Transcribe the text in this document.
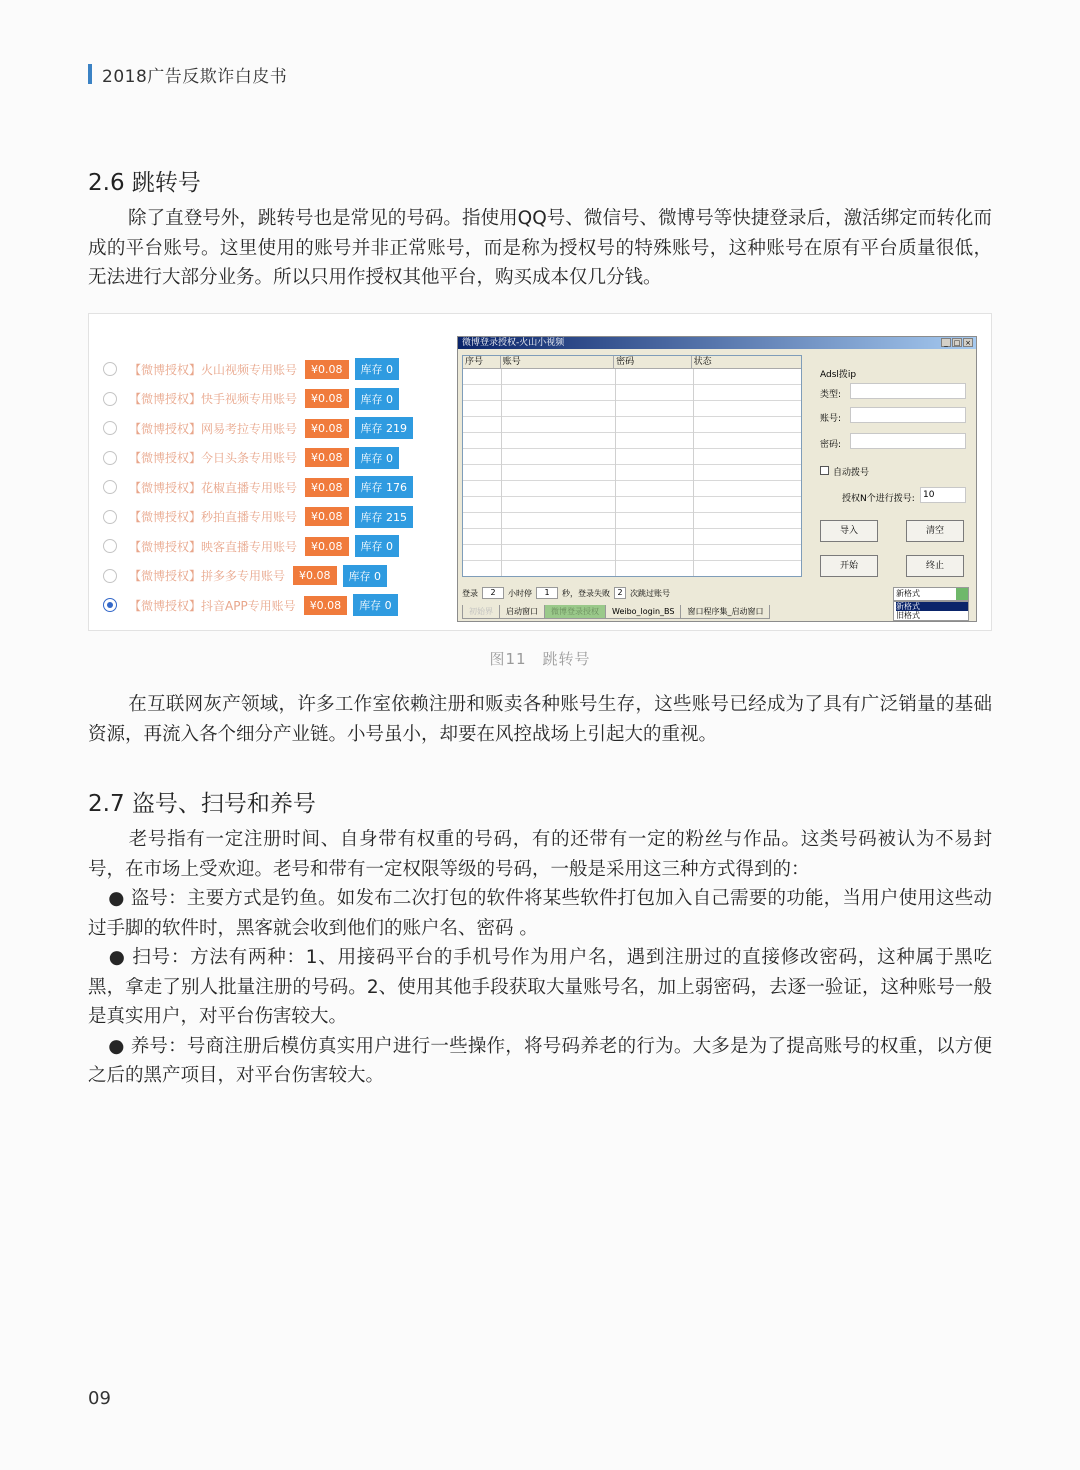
2018广告反欺诈白皮书
2.6 跳转号
除了直登号外，跳转号也是常见的号码。指使用QQ号、微信号、微博号等快捷登录后，激活绑定而转化而成的平台账号。这里使用的账号并非正常账号，而是称为授权号的特殊账号，这种账号在原有平台质量很低，无法进行大部分业务。所以只用作授权其他平台，购买成本仅几分钱。
【微博授权】火山视频专用账号	¥0.08	库存 0
【微博授权】快手视频专用账号	¥0.08	库存 0
【微博授权】网易考拉专用账号	¥0.08	库存 219
【微博授权】今日头条专用账号	¥0.08	库存 0
【微博授权】花椒直播专用账号	¥0.08	库存 176
【微博授权】秒拍直播专用账号	¥0.08	库存 215
【微博授权】映客直播专用账号	¥0.08	库存 0
【微博授权】拼多多专用账号	¥0.08	库存 0
【微博授权】抖音APP专用账号	¥0.08	库存 0
微博登录授权-火山小视频	_ □ ×
序号	账号	密码	状态
Adsl拨ip
类型:
账号:
密码:
自动拨号
授权N个进行拨号: 10
导入	清空
开始	终止
登录	2	小时停	1	秒，登录失败 2 次跳过账号	新格式
新格式
旧格式
初始界	启动窗口	微博登录授权	Weibo_login_BS	窗口程序集_启动窗口
图11　跳转号
在互联网灰产领域，许多工作室依赖注册和贩卖各种账号生存，这些账号已经成为了具有广泛销量的基础资源，再流入各个细分产业链。小号虽小，却要在风控战场上引起大的重视。
2.7 盗号、扫号和养号

老号指有一定注册时间、自身带有权重的号码，有的还带有一定的粉丝与作品。这类号码被认为不易封号，在市场上受欢迎。老号和带有一定权限等级的号码，一般是采用这三种方式得到的：

● 盗号：主要方式是钓鱼。如发布二次打包的软件将某些软件打包加入自己需要的功能，当用户使用这些动过手脚的软件时，黑客就会收到他们的账户名、密码 。

● 扫号：方法有两种：1、用接码平台的手机号作为用户名，遇到注册过的直接修改密码，这种属于黑吃黑，拿走了别人批量注册的号码。2、使用其他手段获取大量账号名，加上弱密码，去逐一验证，这种账号一般是真实用户，对平台伤害较大。

● 养号：号商注册后模仿真实用户进行一些操作，将号码养老的行为。大多是为了提高账号的权重，以方便之后的黑产项目，对平台伤害较大。

09
